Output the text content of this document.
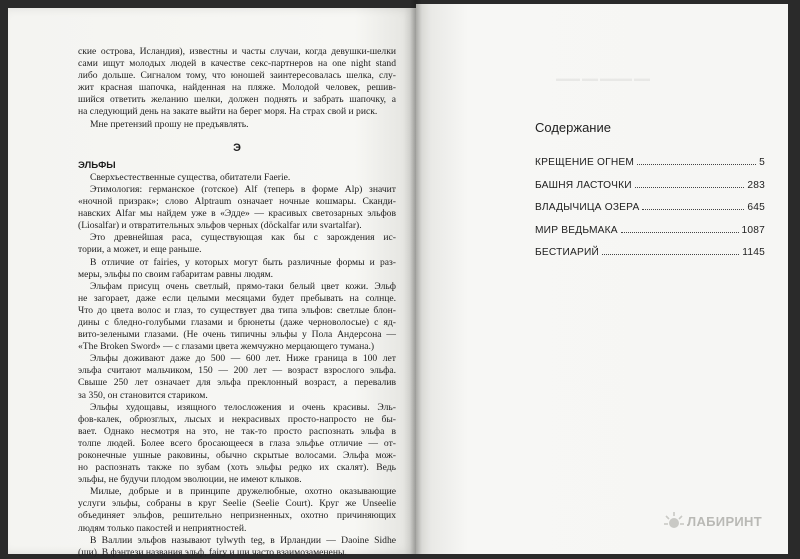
ские острова, Исландия), известны и часты случаи, когда девушки-шелки
сами ищут молодых людей в качестве секс-партнеров на one night stand
либо дольше. Сигналом тому, что юношей заинтересовалась шелка, слу-
жит красная шапочка, найденная на пляже. Молодой человек, решив-
шийся ответить желанию шелки, должен поднять и забрать шапочку, а
на следующий день на закате выйти на берег моря. На страх свой и риск.
Мне претензий прошу не предъявлять.
Э
ЭЛЬФЫ
Сверхъестественные существа, обитатели Faerie.
Этимология: германское (готское) Alf (теперь в форме Alp) значит
«ночной призрак»; слово Alptraum означает ночные кошмары. Сканди-
навских Alfar мы найдем уже в «Эдде» — красивых светозарных эльфов
(Liosalfar) и отвратительных эльфов черных (döckalfar или svartalfar).
Это древнейшая раса, существующая как бы с зарождения ис-
тории, а может, и еще раньше.
В отличие от fairies, у которых могут быть различные формы и раз-
меры, эльфы по своим габаритам равны людям.
Эльфам присущ очень светлый, прямо-таки белый цвет кожи. Эльф
не загорает, даже если целыми месяцами будет пребывать на солнце.
Что до цвета волос и глаз, то существует два типа эльфов: светлые блон-
дины с бледно-голубыми глазами и брюнеты (даже черноволосые) с яд-
вито-зелеными глазами. (Не очень типичны эльфы у Пола Андерсона —
«The Broken Sword» — с глазами цвета жемчужно мерцающего тумана.)
Эльфы доживают даже до 500 — 600 лет. Ниже граница в 100 лет
эльфа считают мальчиком, 150 — 200 лет — возраст взрослого эльфа.
Свыше 250 лет означает для эльфа преклонный возраст, а перевалив
за 350, он становится стариком.
Эльфы худощавы, изящного телосложения и очень красивы. Эль-
фов-калек, обрюзглых, лысых и некрасивых просто-напросто не бы-
вает. Однако несмотря на это, не так-то просто распознать эльфа в
толпе людей. Более всего бросающееся в глаза эльфье отличие — от-
роконечные ушные раковины, обычно скрытые волосами. Эльфа мож-
но распознать также по зубам (хоть эльфы редко их скалят). Ведь
эльфы, не будучи плодом эволюции, не имеют клыков.
Милые, добрые и в принципе дружелюбные, охотно оказывающие
услуги эльфы, собраны в круг Seelie (Seelie Court). Круг же Unseelie
объединяет эльфов, решительно непризненных, охотно причиняющих
людям только пакостей и неприятностей.
В Валлии эльфов называют tylwyth teg, в Ирландии — Daoine Sidhe
(ши). В фэнтези названия эльф, fairy и ши часто взаимозаменены.
▬▬▬ ▬▬ ▬▬▬▬ ▬▬
Содержание
КРЕЩЕНИЕ ОГНЕМ	5
БАШНЯ ЛАСТОЧКИ	283
ВЛАДЫЧИЦА ОЗЕРА	645
МИР ВЕДЬМАКА	1087
БЕСТИАРИЙ	1145
ЛАБИРИНТ
